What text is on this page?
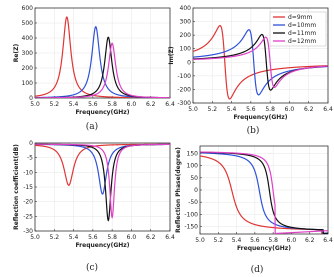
5.0 5.2 5.4 5.6 5.8 6.0 6.2 6.4
0
100
200
300
400
500
600
Frequency(GHz)
Re(Z)
(a)
5.0 5.2 5.4 5.6 5.8 6.0 6.2 6.4
-300
-200
-100
0
100
200
300
400
Frequency(GHz)
Im(Z)
d=9mm
d=10mm
d=11mm
d=12mm
(b)
5.0 5.2 5.4 5.6 5.8 6.0 6.2 6.4
-30
-25
-20
-15
-10
-5
0
Frequency(GHz)
Reflection coefficient(dB)
(c)
5.0 5.2 5.4 5.6 5.8 6.0 6.2 6.4
-150
-100
-50
0
50
100
150
Frequency(GHz)
Reflection Phase(degree)
(d)
